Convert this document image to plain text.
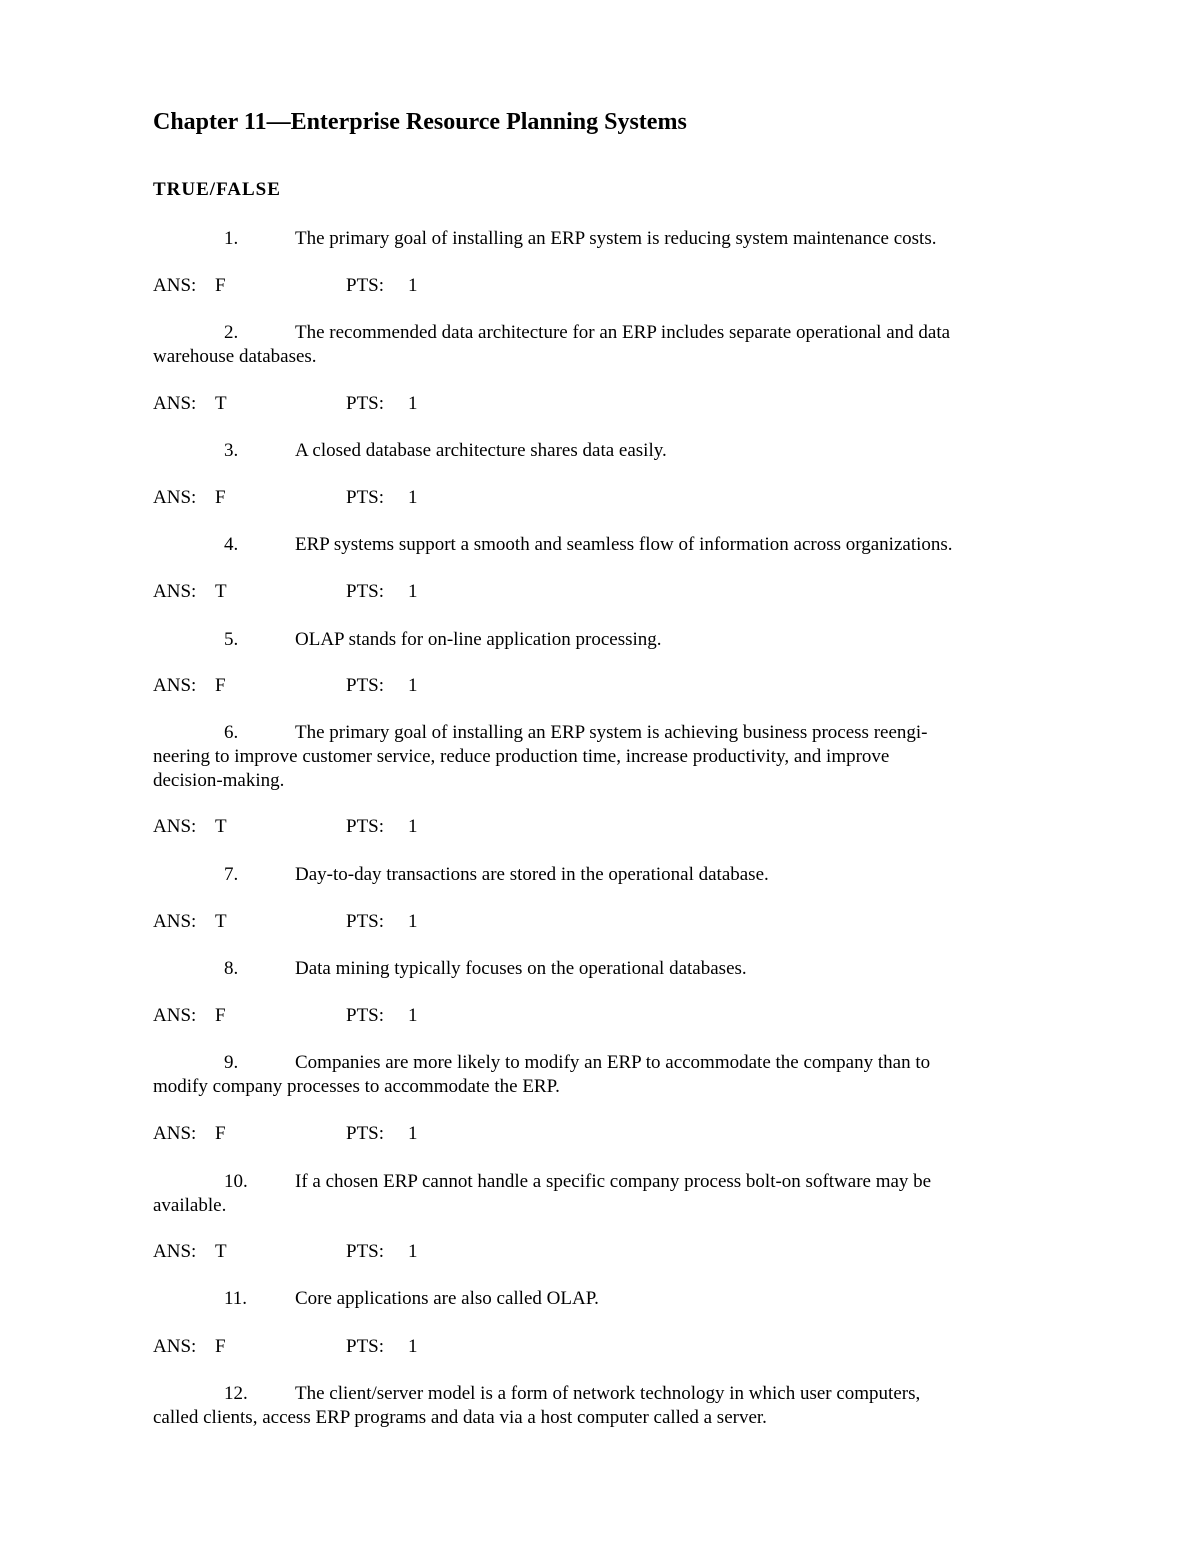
Chapter 11—Enterprise Resource Planning Systems
TRUE/FALSE
1.	The primary goal of installing an ERP system is reducing system maintenance costs.
ANS: F	PTS: 1
2.	The recommended data architecture for an ERP includes separate operational and data
warehouse databases.
ANS: T	PTS: 1
3.	A closed database architecture shares data easily.
ANS: F	PTS: 1
4.	ERP systems support a smooth and seamless flow of information across organizations.
ANS: T	PTS: 1
5.	OLAP stands for on-line application processing.
ANS: F	PTS: 1
6.	The primary goal of installing an ERP system is achieving business process reengi-
neering to improve customer service, reduce production time, increase productivity, and improve
decision-making.
ANS: T	PTS: 1
7.	Day-to-day transactions are stored in the operational database.
ANS: T	PTS: 1
8.	Data mining typically focuses on the operational databases.
ANS: F	PTS: 1
9.	Companies are more likely to modify an ERP to accommodate the company than to
modify company processes to accommodate the ERP.
ANS: F	PTS: 1
10. If a chosen ERP cannot handle a specific company process bolt-on software may be
available.
ANS: T	PTS: 1
11.	Core applications are also called OLAP.
ANS: F	PTS: 1
12. The client/server model is a form of network technology in which user computers,
called clients, access ERP programs and data via a host computer called a server.
